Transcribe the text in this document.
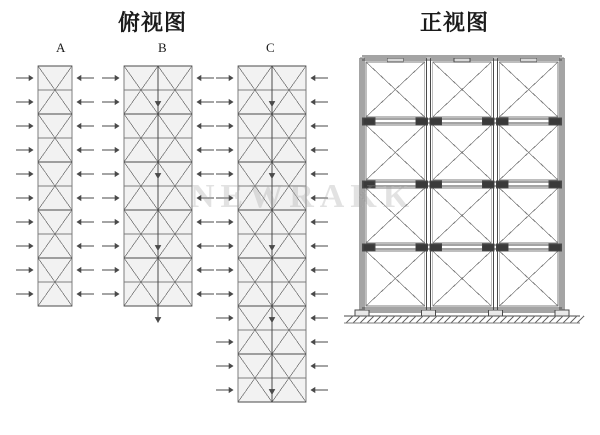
俯视图	正视图
A	B	C
NEWRAKK
